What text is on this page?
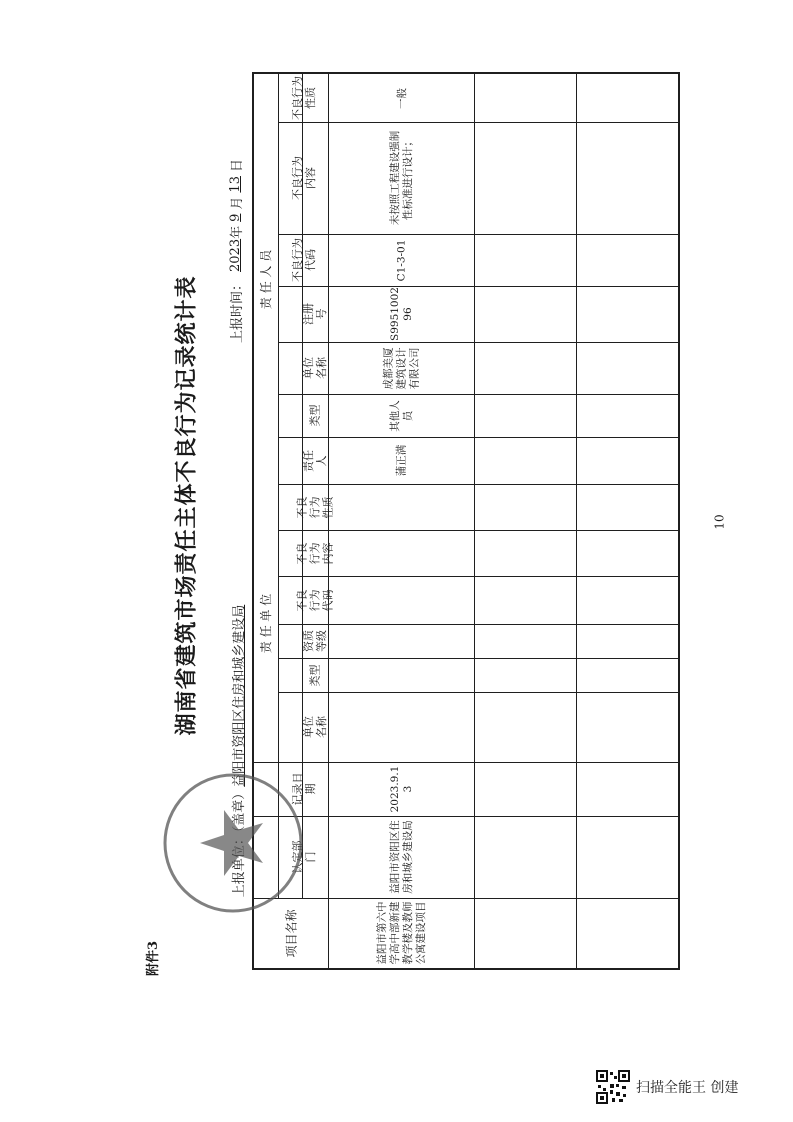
附件3
湖南省建筑市场责任主体不良行为记录统计表	益阳市资阳区住房和城乡建设局
上报时间：
2023
年
9
月
13
日
责 任 单 位
责 任 人 员
项目名称
认定部门
记录日期
单位名称
类型
资质等级
不良行为代码
不良行为内容
不良行为性质
责任人
类型
单位名称
注册号
不良行为代码
不良行为内容
不良行为性质
益阳市第六中学高中部新建教学楼及教师公寓建设项目
益阳市资阳区住房和城乡建设局
2023.9.13
蒲正满
其他人员
成都美厦建筑设计有限公司
S995100296
C1-3-01
未按照工程建设强制性标准进行设计；
一般
10
扫描全能王 创建
